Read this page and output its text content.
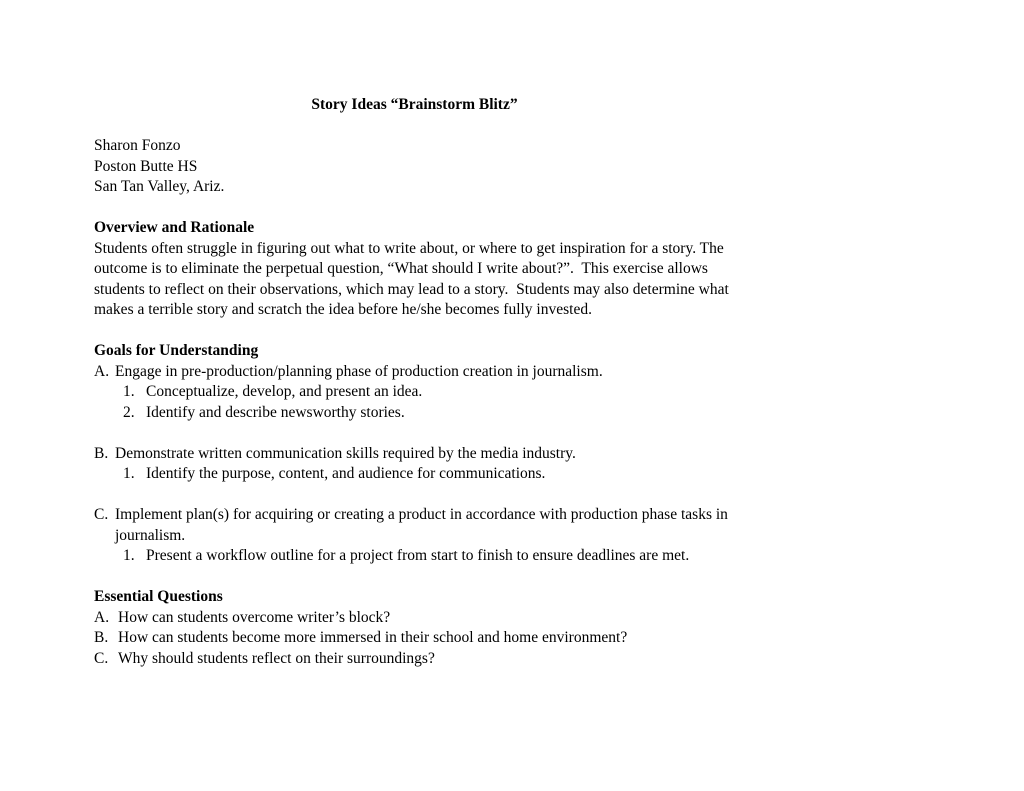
Story Ideas “Brainstorm Blitz”
Sharon Fonzo
Poston Butte HS
San Tan Valley, Ariz.
Overview and Rationale
Students often struggle in figuring out what to write about, or where to get inspiration for a story. The outcome is to eliminate the perpetual question, “What should I write about?”.  This exercise allows students to reflect on their observations, which may lead to a story.  Students may also determine what makes a terrible story and scratch the idea before he/she becomes fully invested.
Goals for Understanding
A. Engage in pre-production/planning phase of production creation in journalism.
1. Conceptualize, develop, and present an idea.
2. Identify and describe newsworthy stories.
B. Demonstrate written communication skills required by the media industry.
1. Identify the purpose, content, and audience for communications.
C. Implement plan(s) for acquiring or creating a product in accordance with production phase tasks in journalism.
1. Present a workflow outline for a project from start to finish to ensure deadlines are met.
Essential Questions
A. How can students overcome writer’s block?
B. How can students become more immersed in their school and home environment?
C. Why should students reflect on their surroundings?
